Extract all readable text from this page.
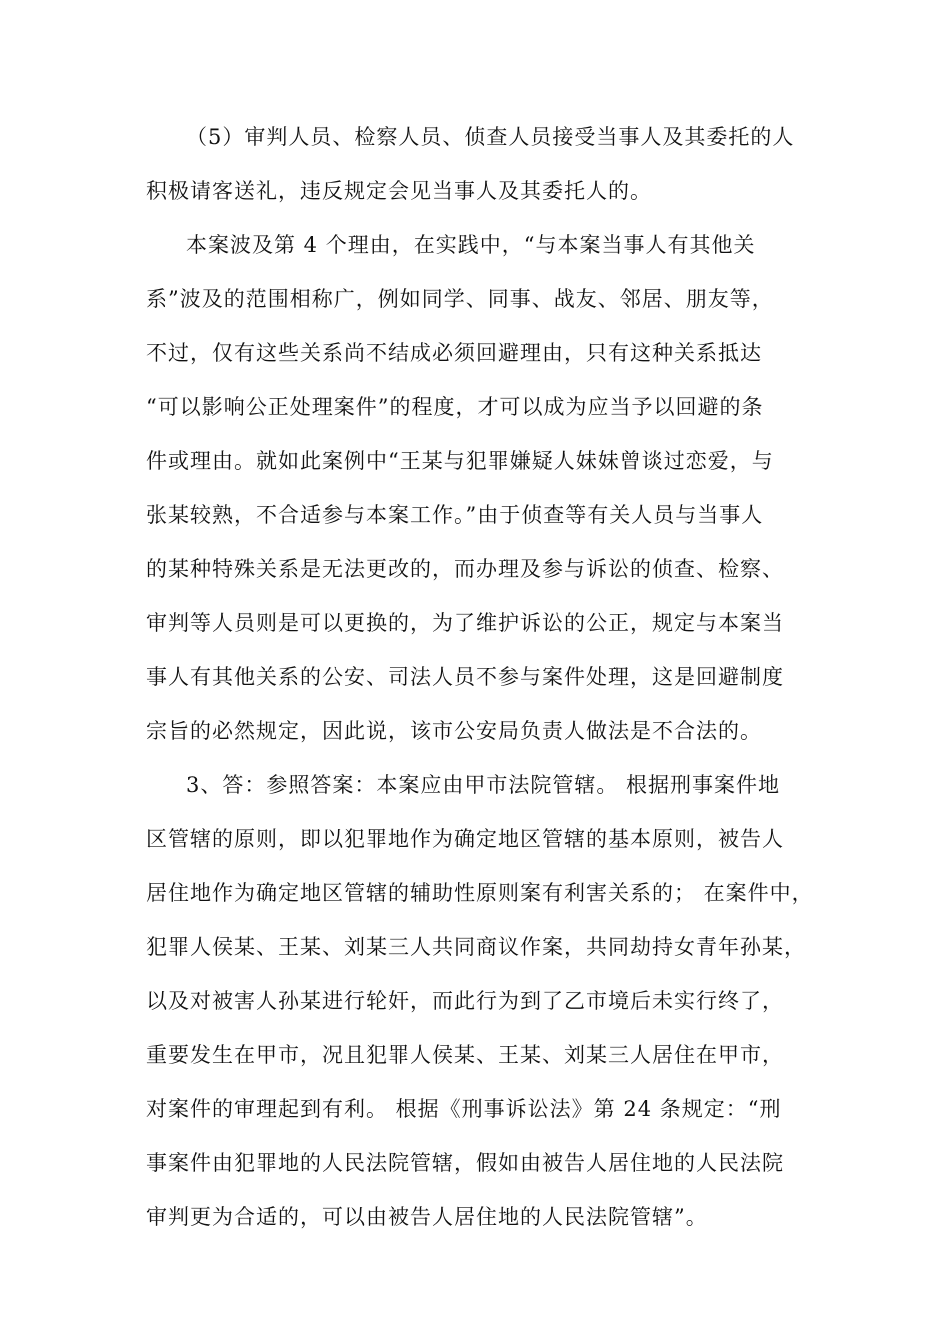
（5）审判人员、检察人员、侦查人员接受当事人及其委托的人
积极请客送礼，违反规定会见当事人及其委托人的。
本案波及第 4 个理由，在实践中，“与本案当事人有其他关
系”波及的范围相称广，例如同学、同事、战友、邻居、朋友等，
不过，仅有这些关系尚不结成必须回避理由，只有这种关系抵达
“可以影响公正处理案件”的程度，才可以成为应当予以回避的条
件或理由。就如此案例中“王某与犯罪嫌疑人妹妹曾谈过恋爱，与
张某较熟，不合适参与本案工作。”由于侦查等有关人员与当事人
的某种特殊关系是无法更改的，而办理及参与诉讼的侦查、检察、
审判等人员则是可以更换的，为了维护诉讼的公正，规定与本案当
事人有其他关系的公安、司法人员不参与案件处理，这是回避制度
宗旨的必然规定，因此说，该市公安局负责人做法是不合法的。
3、答：参照答案：本案应由甲市法院管辖。 根据刑事案件地
区管辖的原则，即以犯罪地作为确定地区管辖的基本原则，被告人
居住地作为确定地区管辖的辅助性原则案有利害关系的； 在案件中，
犯罪人侯某、王某、刘某三人共同商议作案，共同劫持女青年孙某，
以及对被害人孙某进行轮奸，而此行为到了乙市境后未实行终了，
重要发生在甲市，况且犯罪人侯某、王某、刘某三人居住在甲市，
对案件的审理起到有利。 根据《刑事诉讼法》第 24 条规定：“刑
事案件由犯罪地的人民法院管辖，假如由被告人居住地的人民法院
审判更为合适的，可以由被告人居住地的人民法院管辖”。
